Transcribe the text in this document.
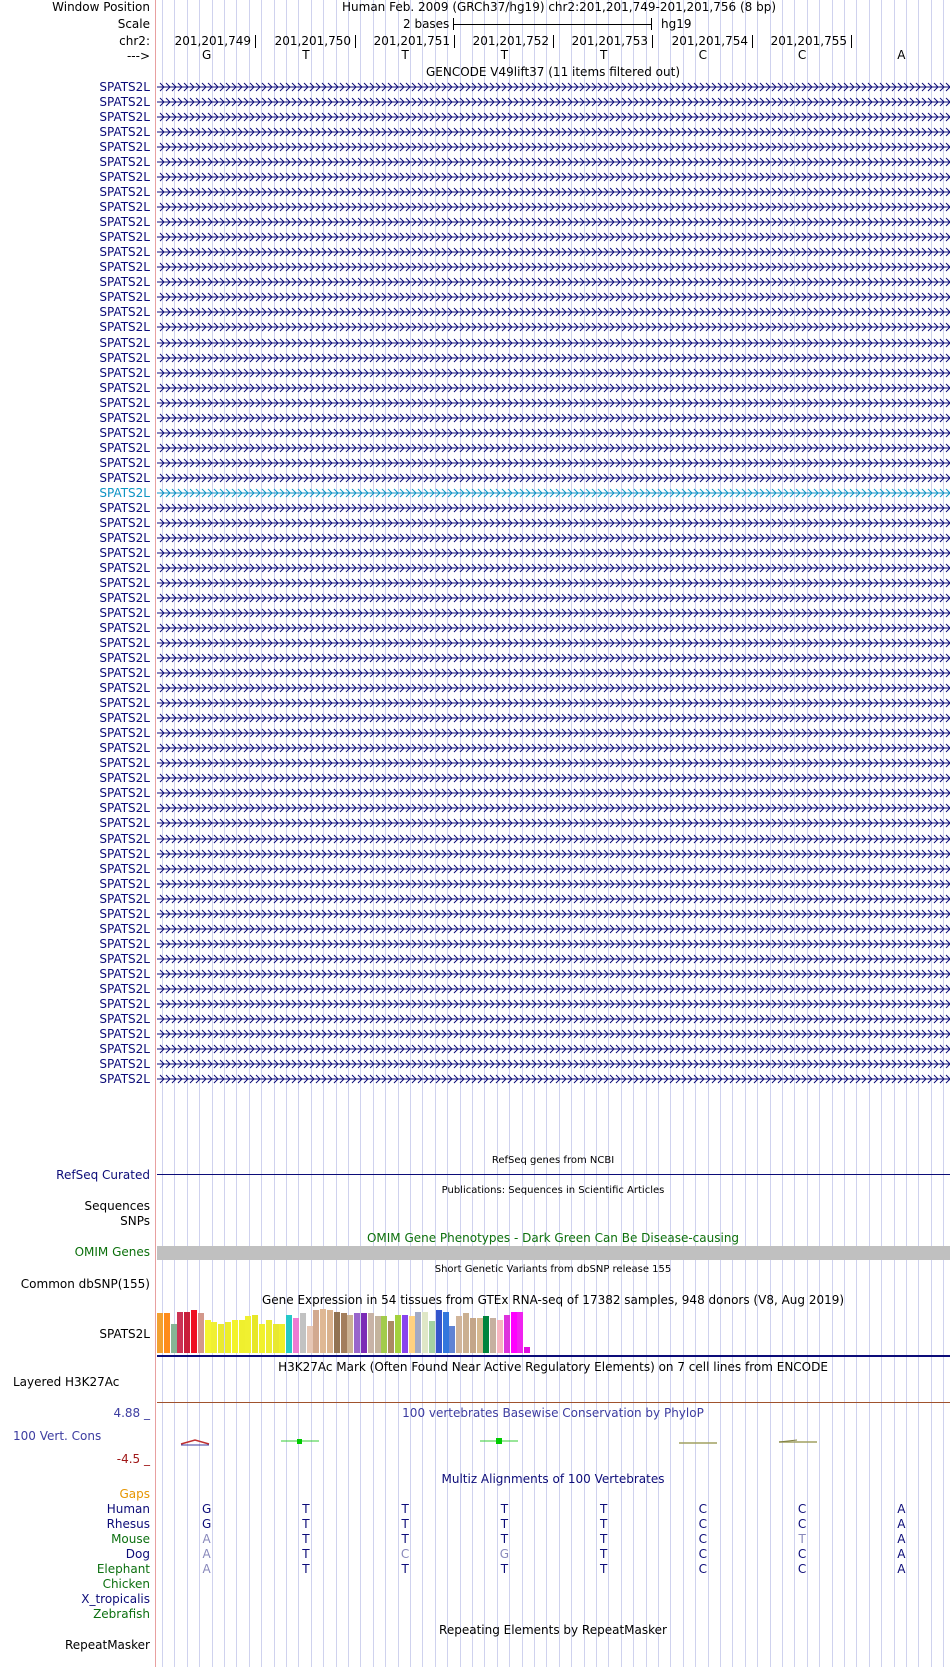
Window Position	Human Feb. 2009 (GRCh37/hg19) chr2:201,201,749-201,201,756 (8 bp)
Scale	2 bases	hg19
chr2:	201,201,749	201,201,750	201,201,751	201,201,752	201,201,753	201,201,754	201,201,755
--->	G	T	T	T	T	C	C	A
GENCODE V49lift37 (11 items filtered out)
SPATS2L
SPATS2L
SPATS2L
SPATS2L
SPATS2L
SPATS2L
SPATS2L
SPATS2L
SPATS2L
SPATS2L
SPATS2L
SPATS2L
SPATS2L
SPATS2L
SPATS2L
SPATS2L
SPATS2L
SPATS2L
SPATS2L
SPATS2L
SPATS2L
SPATS2L
SPATS2L
SPATS2L
SPATS2L
SPATS2L
SPATS2L
SPATS2L
SPATS2L
SPATS2L
SPATS2L
SPATS2L
SPATS2L
SPATS2L
SPATS2L
SPATS2L
SPATS2L
SPATS2L
SPATS2L
SPATS2L
SPATS2L
SPATS2L
SPATS2L
SPATS2L
SPATS2L
SPATS2L
SPATS2L
SPATS2L
SPATS2L
SPATS2L
SPATS2L
SPATS2L
SPATS2L
SPATS2L
SPATS2L
SPATS2L
SPATS2L
SPATS2L
SPATS2L
SPATS2L
SPATS2L
SPATS2L
SPATS2L
SPATS2L
SPATS2L
SPATS2L
SPATS2L
RefSeq genes from NCBI
RefSeq Curated
Publications: Sequences in Scientific Articles
Sequences
SNPs
OMIM Gene Phenotypes - Dark Green Can Be Disease-causing
OMIM Genes
Short Genetic Variants from dbSNP release 155
Common dbSNP(155)
Gene Expression in 54 tissues from GTEx RNA-seq of 17382 samples, 948 donors (V8, Aug 2019)
SPATS2L
H3K27Ac Mark (Often Found Near Active Regulatory Elements) on 7 cell lines from ENCODE
Layered H3K27Ac
4.88 _	100 vertebrates Basewise Conservation by PhyloP
100 Vert. Cons
-4.5 _
Multiz Alignments of 100 Vertebrates
Gaps
Human	G	T	T	T	T	C	C	A
Rhesus	G	T	T	T	T	C	C	A
Mouse	A	T	T	T	T	C	T	A
Dog	A	T	C	G	T	C	C	A
Elephant	A	T	T	T	T	C	C	A
Chicken
X_tropicalis
Zebrafish
Repeating Elements by RepeatMasker
RepeatMasker
